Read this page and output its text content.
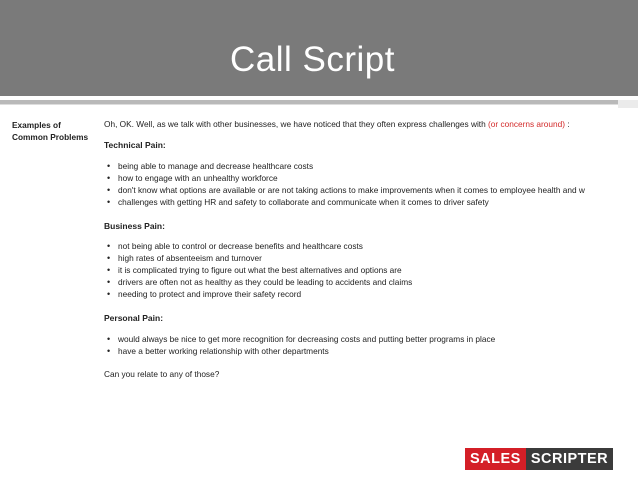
Call Script
Examples of
Common Problems
Oh, OK. Well, as we talk with other businesses, we have noticed that they often express challenges with (or concerns around) :
Technical Pain:
• being able to manage and decrease healthcare costs
• how to engage with an unhealthy workforce
• don't know what options are available or are not taking actions to make improvements when it comes to employee health and w
• challenges with getting HR and safety to collaborate and communicate when it comes to driver safety
Business Pain:
• not being able to control or decrease benefits and healthcare costs
• high rates of absenteeism and turnover
• it is complicated trying to figure out what the best alternatives and options are
• drivers are often not as healthy as they could be leading to accidents and claims
• needing to protect and improve their safety record
Personal Pain:
• would always be nice to get more recognition for decreasing costs and putting better programs in place
• have a better working relationship with other departments
Can you relate to any of those?
SALES SCRIPTER
